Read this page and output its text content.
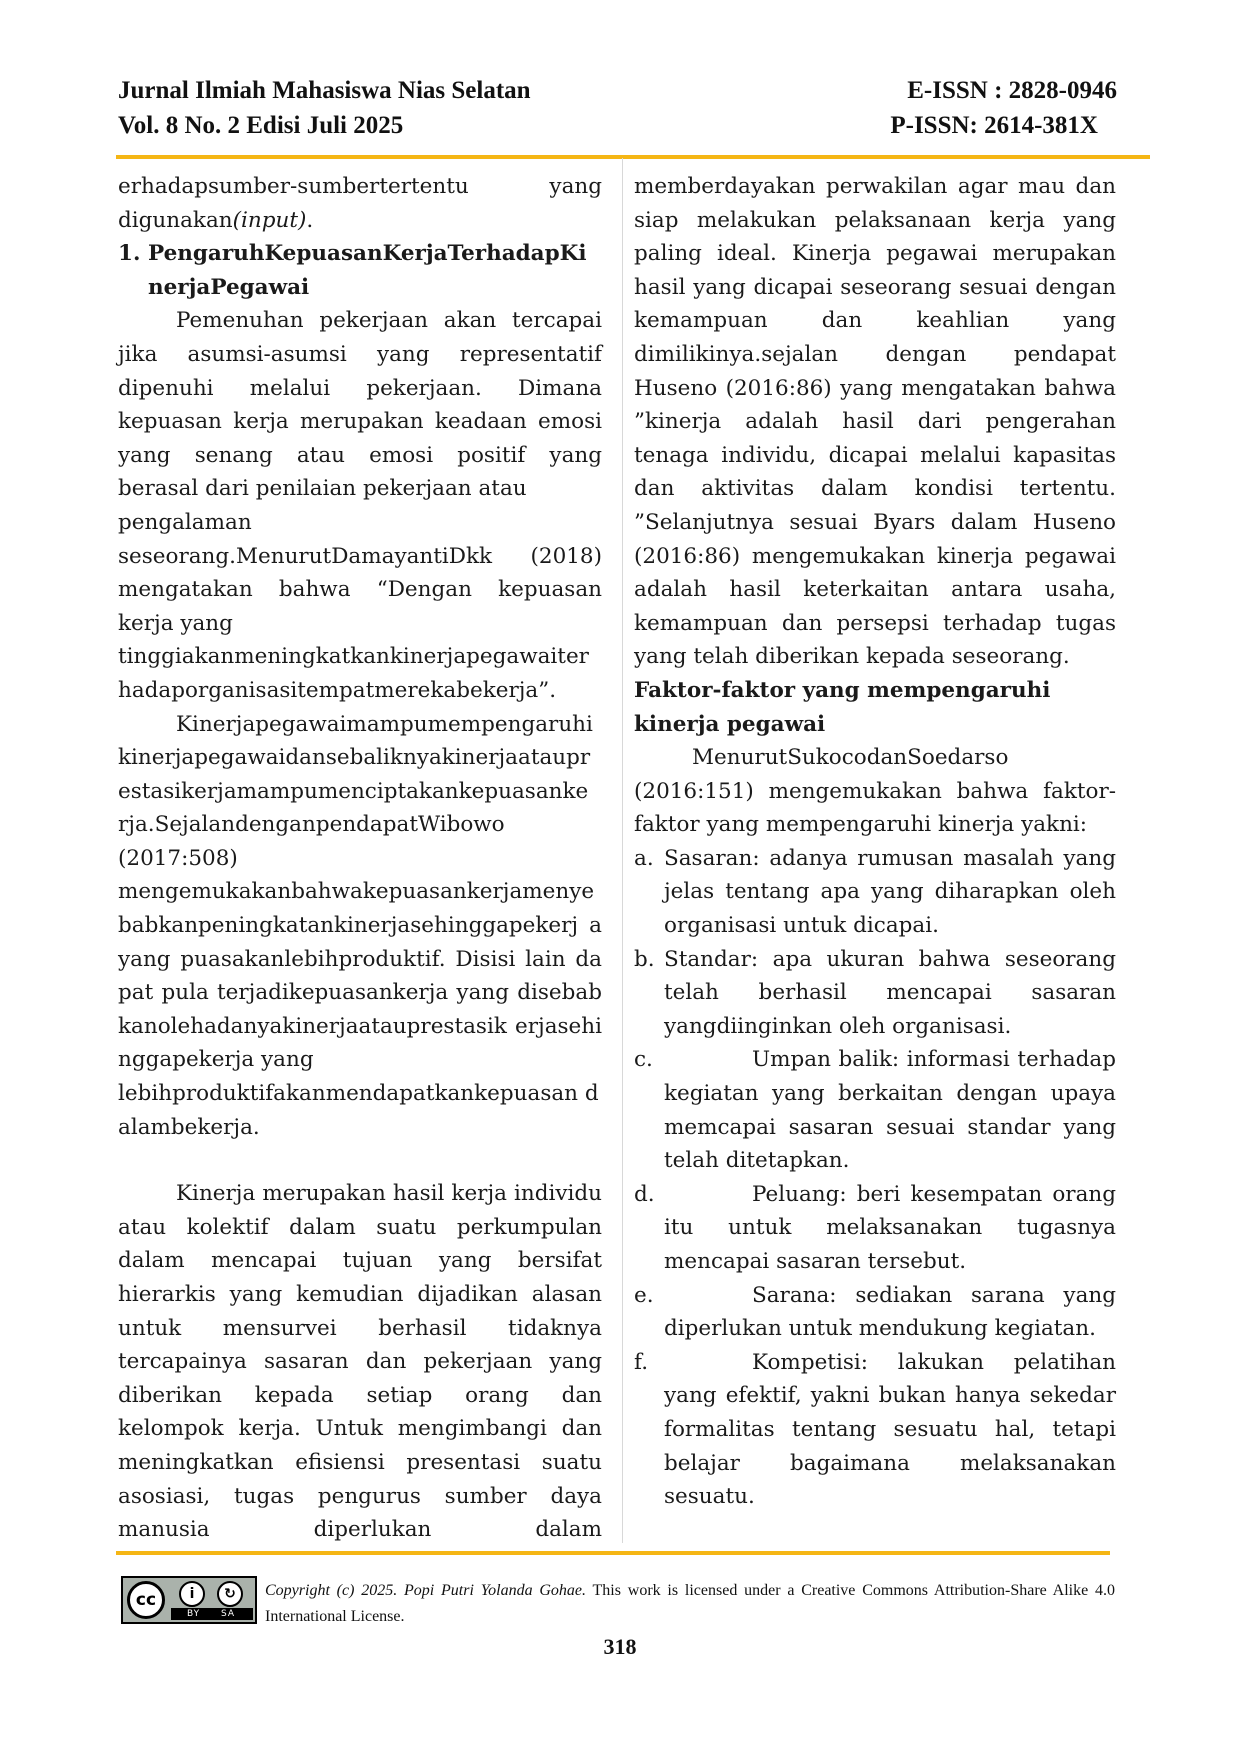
Jurnal Ilmiah Mahasiswa Nias Selatan
Vol. 8 No. 2 Edisi Juli 2025
E-ISSN : 2828-0946
P-ISSN: 2614-381X

erhadapsumber-sumbertertentu yang

digunakan(input).

1. PengaruhKepuasanKerjaTerhadapKinerjaPegawai

Pemenuhan pekerjaan akan tercapai jika asumsi-asumsi yang representatif dipenuhi melalui pekerjaan. Dimana kepuasan kerja merupakan keadaan emosi yang senang atau emosi positif yang berasal dari penilaian pekerjaan atau

pengalaman

seseorang.MenurutDamayantiDkk (2018) mengatakan bahwa “Dengan kepuasan kerja yang

tinggiakanmeningkatkankinerjapegawaiterhadaporganisasitempatmerekabekerja”.

Kinerjapegawaimampumempengaruhikinerjapegawaidansebaliknyakinerjaataupr estasikerjamampumenciptakankepuasanke rja.SejalandenganpendapatWibowo

(2017:508)

mengemukakanbahwakepuasankerjamenyebabkanpeningkatankinerjasehinggapekerj a yang puasakanlebihproduktif. Disisi lain dapat pula terjadikepuasankerja yang disebabkanolehadanyakinerjaatauprestasik erjasehinggapekerja yang

lebihproduktifakanmendapatkankepuasan dalambekerja.

Kinerja merupakan hasil kerja individu atau kolektif dalam suatu perkumpulan dalam mencapai tujuan yang bersifat hierarkis yang kemudian dijadikan alasan untuk mensurvei berhasil tidaknya tercapainya sasaran dan pekerjaan yang diberikan kepada setiap orang dan kelompok kerja. Untuk mengimbangi dan meningkatkan efisiensi presentasi suatu asosiasi, tugas pengurus sumber daya manusia diperlukan dalam

memberdayakan perwakilan agar mau dan siap melakukan pelaksanaan kerja yang paling ideal. Kinerja pegawai merupakan hasil yang dicapai seseorang sesuai dengan kemampuan dan keahlian yang dimilikinya.sejalan dengan pendapat Huseno (2016:86) yang mengatakan bahwa ”kinerja adalah hasil dari pengerahan tenaga individu, dicapai melalui kapasitas dan aktivitas dalam kondisi tertentu. ”Selanjutnya sesuai Byars dalam Huseno (2016:86) mengemukakan kinerja pegawai adalah hasil keterkaitan antara usaha, kemampuan dan persepsi terhadap tugas yang telah diberikan kepada seseorang.

Faktor-faktor yang mempengaruhi kinerja pegawai

MenurutSukocodanSoedarso

(2016:151) mengemukakan bahwa faktor-faktor yang mempengaruhi kinerja yakni:

a. Sasaran: adanya rumusan masalah yang jelas tentang apa yang diharapkan oleh organisasi untuk dicapai.

b. Standar: apa ukuran bahwa seseorang telah berhasil mencapai sasaran yangdiinginkan oleh organisasi.

c.	Umpan balik: informasi terhadap kegiatan yang berkaitan dengan upaya memcapai sasaran sesuai standar yang telah ditetapkan.

d.	Peluang: beri kesempatan orang itu untuk melaksanakan tugasnya mencapai sasaran tersebut.

e.	Sarana: sediakan sarana yang diperlukan untuk mendukung kegiatan.

f.	Kompetisi: lakukan pelatihan yang efektif, yakni bukan hanya sekedar formalitas tentang sesuatu hal, tetapi belajar bagaimana melaksanakan sesuatu.

cc	i	↻
BY SA
Copyright (c) 2025. Popi Putri Yolanda Gohae. This work is licensed under a Creative Commons Attribution-Share Alike 4.0 International License.
318
